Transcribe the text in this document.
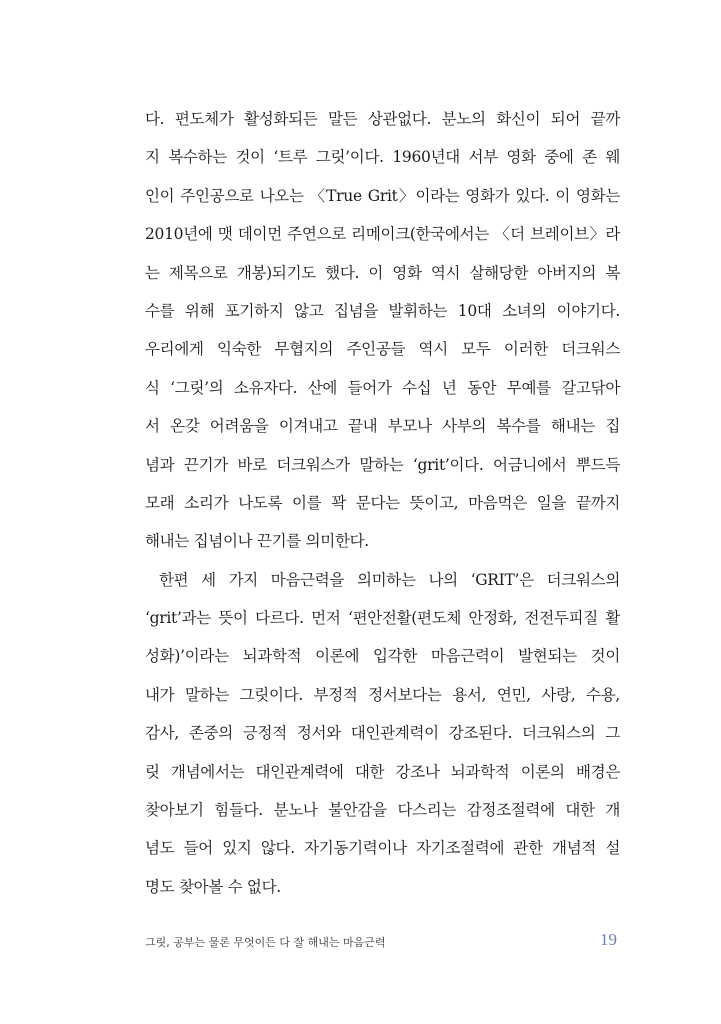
다. 편도체가 활성화되든 말든 상관없다. 분노의 화신이 되어 끝까
지 복수하는 것이 ‘트루 그릿’이다. 1960년대 서부 영화 중에 존 웨
인이 주인공으로 나오는 〈True Grit〉이라는 영화가 있다. 이 영화는
2010년에 맷 데이먼 주연으로 리메이크(한국에서는 〈더 브레이브〉라
는 제목으로 개봉)되기도 했다. 이 영화 역시 살해당한 아버지의 복
수를 위해 포기하지 않고 집념을 발휘하는 10대 소녀의 이야기다.
우리에게 익숙한 무협지의 주인공들 역시 모두 이러한 더크워스
식 ‘그릿’의 소유자다. 산에 들어가 수십 년 동안 무예를 갈고닦아
서 온갖 어려움을 이겨내고 끝내 부모나 사부의 복수를 해내는 집
념과 끈기가 바로 더크워스가 말하는 ‘grit’이다. 어금니에서 뿌드득
모래 소리가 나도록 이를 꽉 문다는 뜻이고, 마음먹은 일을 끝까지
해내는 집념이나 끈기를 의미한다.
한편 세 가지 마음근력을 의미하는 나의 ‘GRIT’은 더크워스의
‘grit’과는 뜻이 다르다. 먼저 ‘편안전활(편도체 안정화, 전전두피질 활
성화)’이라는 뇌과학적 이론에 입각한 마음근력이 발현되는 것이
내가 말하는 그릿이다. 부정적 정서보다는 용서, 연민, 사랑, 수용,
감사, 존중의 긍정적 정서와 대인관계력이 강조된다. 더크워스의 그
릿 개념에서는 대인관계력에 대한 강조나 뇌과학적 이론의 배경은
찾아보기 힘들다. 분노나 불안감을 다스리는 감정조절력에 대한 개
념도 들어 있지 않다. 자기동기력이나 자기조절력에 관한 개념적 설
명도 찾아볼 수 없다.
그릿, 공부는 물론 무엇이든 다 잘 해내는 마음근력	19
